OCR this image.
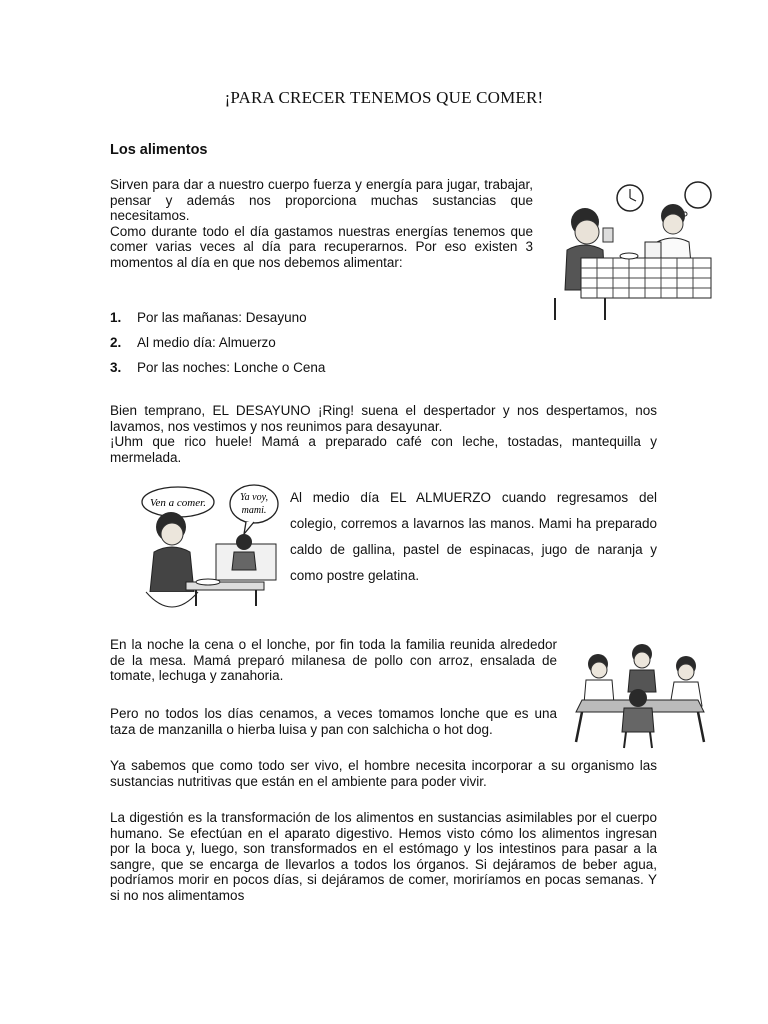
¡PARA CRECER TENEMOS QUE COMER!
Los alimentos
Sirven para dar a nuestro cuerpo fuerza y energía para jugar, trabajar, pensar y además nos proporciona muchas sustancias que necesitamos.
Como durante todo el día gastamos nuestras energías tenemos que comer varias veces al día para recuperarnos. Por eso existen 3 momentos al día en que nos debemos alimentar:
1.	Por las mañanas: Desayuno
2.	Al medio día: Almuerzo
3.	Por las noches: Lonche o Cena
Bien temprano, EL DESAYUNO ¡Ring! suena el despertador y nos despertamos, nos lavamos, nos vestimos y nos reunimos para desayunar.
¡Uhm que rico huele! Mamá a preparado café con leche, tostadas, mantequilla y mermelada.
Ven a comer.	Ya voy,
mami.
Al medio día EL ALMUERZO cuando regresamos del colegio, corremos a lavarnos las manos. Mami ha preparado caldo de gallina, pastel de espinacas, jugo de naranja y como postre gelatina.
En la noche la cena o el lonche, por fin toda la familia reunida alrededor de la mesa. Mamá preparó milanesa de pollo con arroz, ensalada de tomate, lechuga y zanahoria.
Pero no todos los días cenamos, a veces tomamos lonche que es una taza de manzanilla o hierba luisa y pan con salchicha o hot dog.
Ya sabemos que como todo ser vivo, el hombre necesita incorporar a su organismo las sustancias nutritivas que están en el ambiente para poder vivir.
La digestión es la transformación de los alimentos en sustancias asimilables por el cuerpo humano. Se efectúan en el aparato digestivo. Hemos visto cómo los alimentos ingresan por la boca y, luego, son transformados en el estómago y los intestinos para pasar a la sangre, que se encarga de llevarlos a todos los órganos. Si dejáramos de beber agua, podríamos morir en pocos días, si dejáramos de comer, moriríamos en pocas semanas. Y si no nos alimentamos
